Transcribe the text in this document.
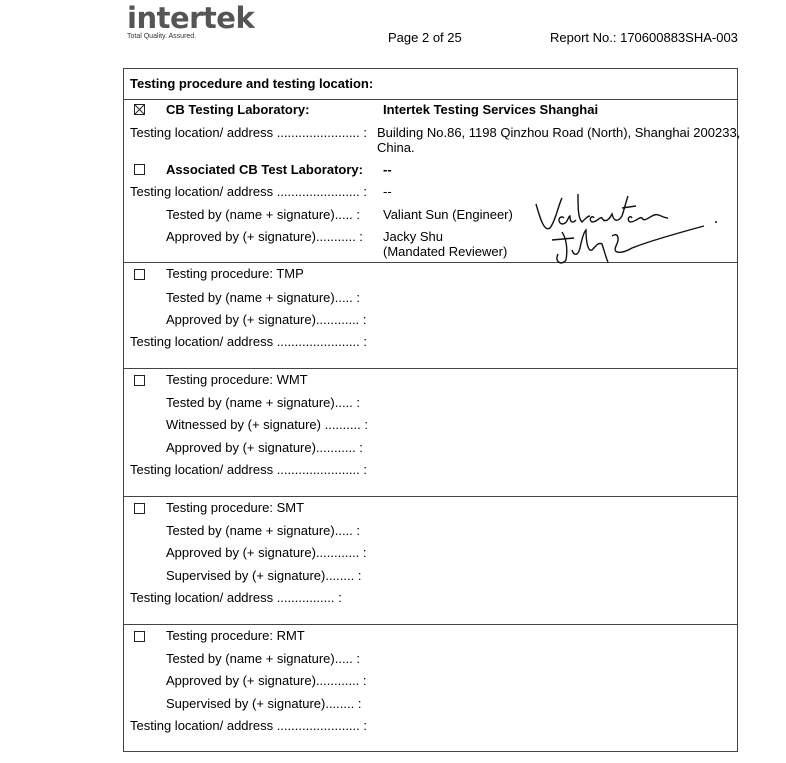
intertek
Total Quality. Assured.	Page 2 of 25	Report No.: 170600883SHA-003
Testing procedure and testing location:
CB Testing Laboratory:	Intertek Testing Services Shanghai
Testing location/ address ....................... : Building No.86, 1198 Qinzhou Road (North), Shanghai 200233,
China.
Associated CB Test Laboratory: --
Testing location/ address ....................... : --
Tested by (name + signature)..... : Valiant Sun (Engineer)
Approved by (+ signature)........... : Jacky Shu
(Mandated Reviewer)
Testing procedure: TMP
Tested by (name + signature)..... :
Approved by (+ signature)............ :
Testing location/ address ....................... :
Testing procedure: WMT
Tested by (name + signature)..... :
Witnessed by (+ signature) .......... :
Approved by (+ signature)........... :
Testing location/ address ....................... :
Testing procedure: SMT
Tested by (name + signature)..... :
Approved by (+ signature)............ :
Supervised by (+ signature)........ :
Testing location/ address ................ :
Testing procedure: RMT
Tested by (name + signature)..... :
Approved by (+ signature)............ :
Supervised by (+ signature)........ :
Testing location/ address ....................... :
